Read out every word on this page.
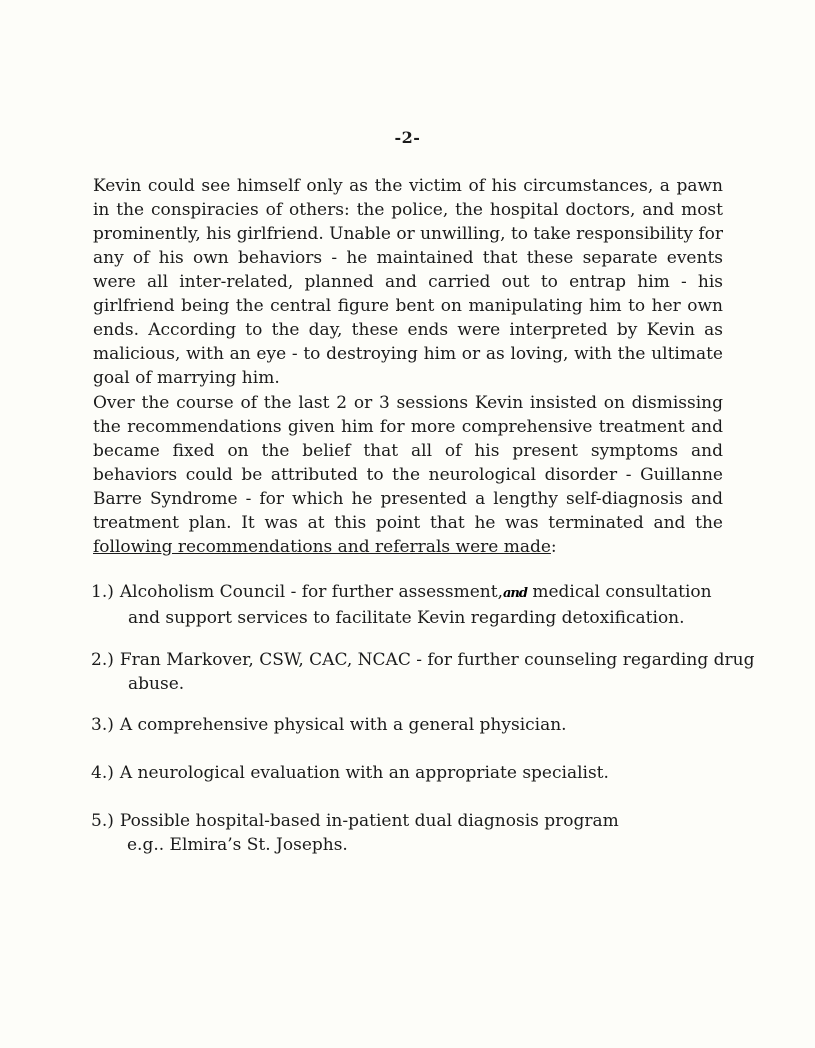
-2-

Kevin could see himself only as the victim of his circumstances, a pawn in the conspiracies of others: the police, the hospital doctors, and most prominently, his girlfriend. Unable or unwilling, to take responsibility for any of his own behaviors - he maintained that these separate events were all inter-related, planned and carried out to entrap him - his girlfriend being the central figure bent on manipulating him to her own ends. According to the day, these ends were interpreted by Kevin as malicious, with an eye - to destroying him or as loving, with the ultimate goal of marrying him.

Over the course of the last 2 or 3 sessions Kevin insisted on dismissing the recommendations given him for more comprehensive treatment and became fixed on the belief that all of his present symptoms and behaviors could be attributed to the neurological disorder - Guillanne Barre Syndrome - for which he presented a lengthy self-diagnosis and treatment plan. It was at this point that he was terminated and the following recommendations and referrals were made:

1.) Alcoholism Council - for further assessment,and medical consultation
and support services to facilitate Kevin regarding detoxification.
2.) Fran Markover, CSW, CAC, NCAC - for further counseling regarding drug
abuse.
3.) A comprehensive physical with a general physician.
4.) A neurological evaluation with an appropriate specialist.
5.) Possible hospital-based in-patient dual diagnosis program
e.g.. Elmira’s St. Josephs.
